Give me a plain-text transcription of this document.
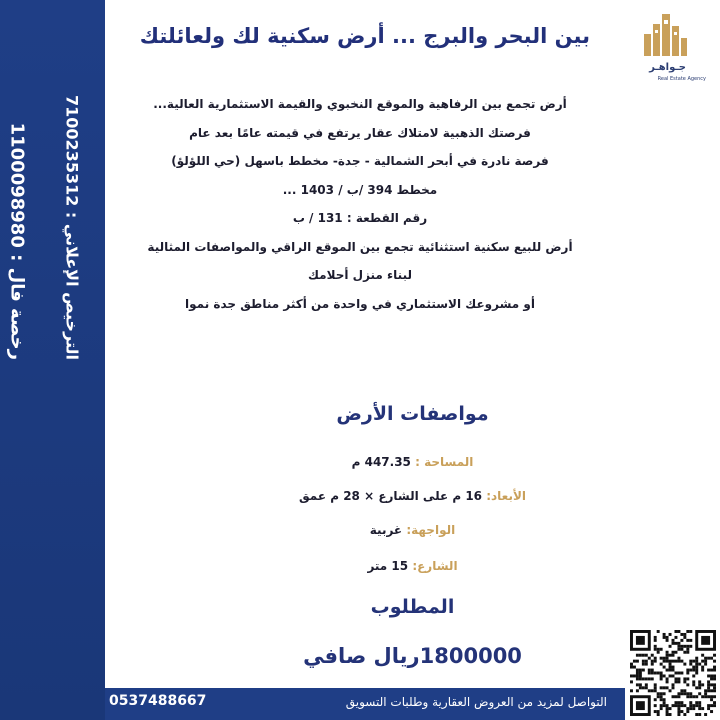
رخصة فال : 1100098980
الترخيص الإعلاني : 7100235312
جـواهـر
Real Estate Agency
بين البحر والبرج ... أرض سكنية لك ولعائلتك

أرض تجمع بين الرفاهية والموقع النخبوي والقيمة الاستثمارية العالية...

فرصتك الذهبية لامتلاك عقار يرتفع في قيمته عامًا بعد عام

فرصة نادرة في أبحر الشمالية - جدة- مخطط باسهل (حي اللؤلؤ)

مخطط 394 /ب / 1403 ...

رقم القطعة : 131 / ب

أرض للبيع سكنية استثنائية تجمع بين الموقع الراقي والمواصفات المثالية

لبناء منزل أحلامك

أو مشروعك الاستثماري في واحدة من أكثر مناطق جدة نموا

مواصفات الأرض
المساحة : 447.35 م
الأبعاد: 16 م على الشارع × 28 م عمق
الواجهة: غربية
الشارع: 15 متر
المطلوب
1800000ريال صافي
التواصل لمزيد من العروض العقارية وطلبات التسويق
0537488667
